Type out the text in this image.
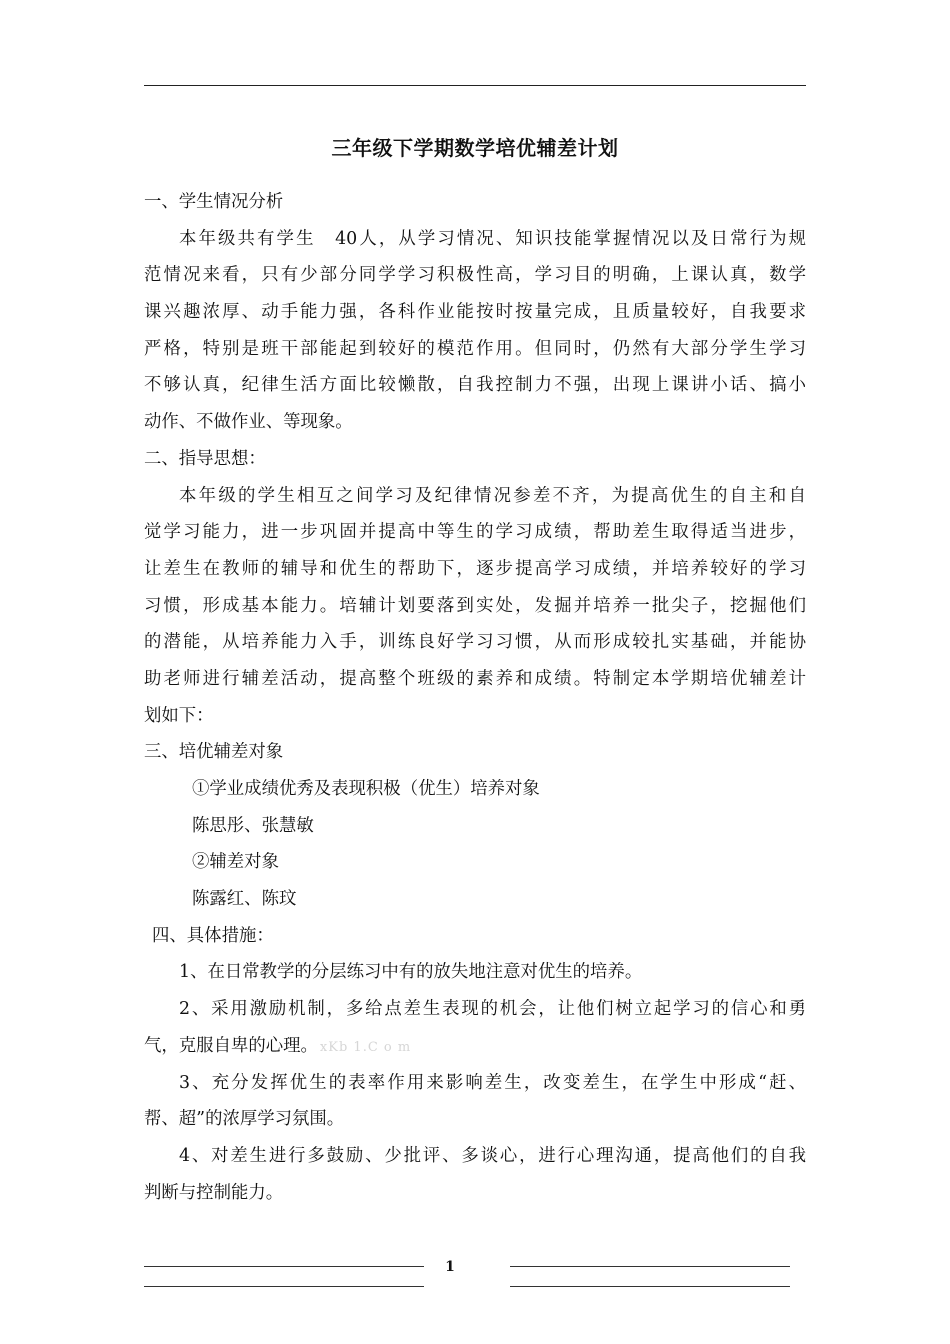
三年级下学期数学培优辅差计划
一、学生情况分析
本年级共有学生　40人，从学习情况、知识技能掌握情况以及日常行为规
范情况来看，只有少部分同学学习积极性高，学习目的明确，上课认真，数学
课兴趣浓厚、动手能力强，各科作业能按时按量完成，且质量较好，自我要求
严格，特别是班干部能起到较好的模范作用。但同时，仍然有大部分学生学习
不够认真，纪律生活方面比较懒散，自我控制力不强，出现上课讲小话、搞小
动作、不做作业、等现象。
二、指导思想：
本年级的学生相互之间学习及纪律情况参差不齐，为提高优生的自主和自
觉学习能力，进一步巩固并提高中等生的学习成绩，帮助差生取得适当进步，
让差生在教师的辅导和优生的帮助下，逐步提高学习成绩，并培养较好的学习
习惯，形成基本能力。培辅计划要落到实处，发掘并培养一批尖子，挖掘他们
的潜能，从培养能力入手，训练良好学习习惯，从而形成较扎实基础，并能协
助老师进行辅差活动，提高整个班级的素养和成绩。特制定本学期培优辅差计
划如下：
三、培优辅差对象
①学业成绩优秀及表现积极（优生）培养对象
陈思彤、张慧敏
②辅差对象
陈露红、陈玟
四、具体措施：
1、在日常教学的分层练习中有的放失地注意对优生的培养。
2、采用激励机制，多给点差生表现的机会，让他们树立起学习的信心和勇
气，克服自卑的心理。 xKb 1.C o m
3、充分发挥优生的表率作用来影响差生，改变差生，在学生中形成“赶、
帮、超”的浓厚学习氛围。
4、对差生进行多鼓励、少批评、多谈心，进行心理沟通，提高他们的自我
判断与控制能力。
1
